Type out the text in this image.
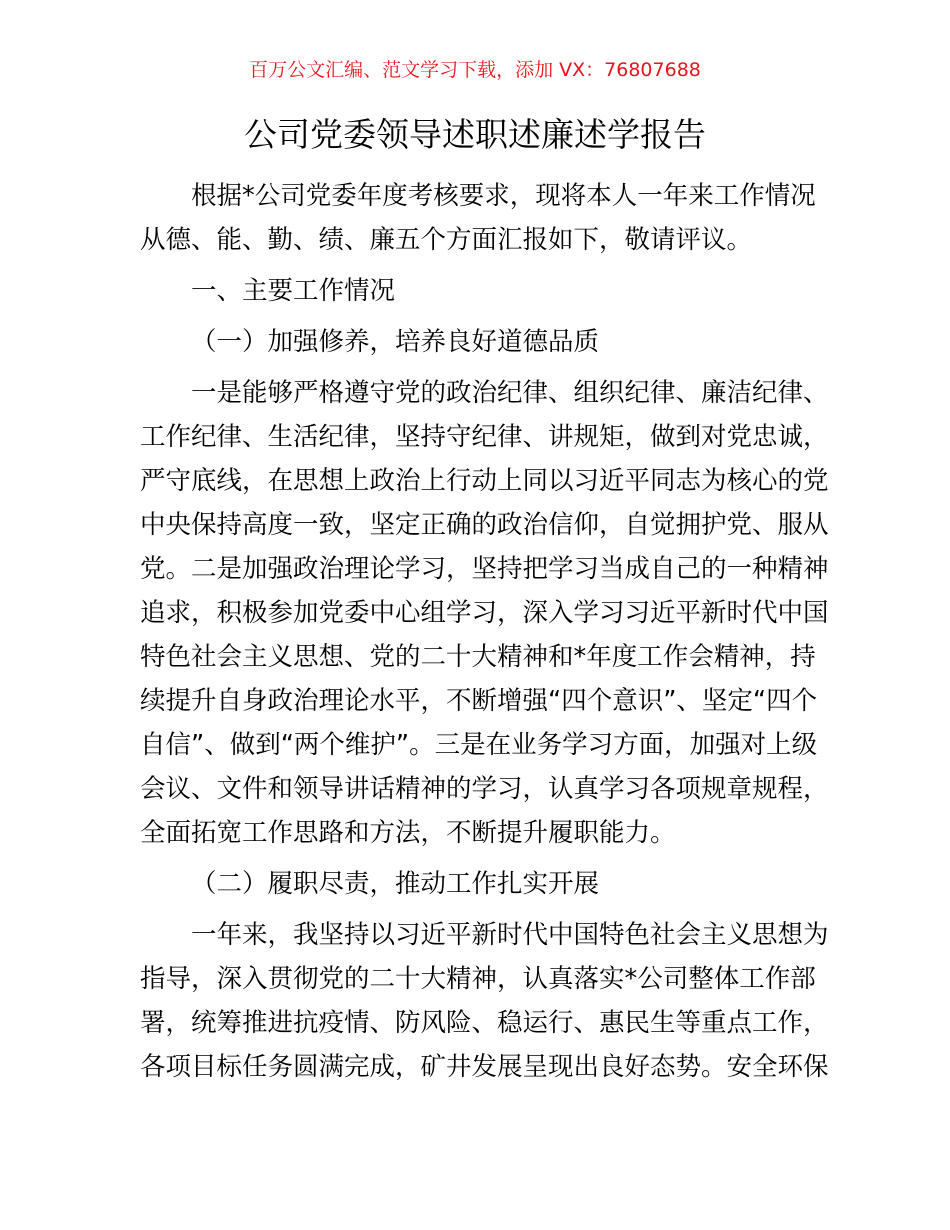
百万公文汇编、范文学习下载，添加 VX：76807688
公司党委领导述职述廉述学报告
根据*公司党委年度考核要求，现将本人一年来工作情况
从德、能、勤、绩、廉五个方面汇报如下，敬请评议。
一、主要工作情况
（一）加强修养，培养良好道德品质
一是能够严格遵守党的政治纪律、组织纪律、廉洁纪律、
工作纪律、生活纪律，坚持守纪律、讲规矩，做到对党忠诚，
严守底线，在思想上政治上行动上同以习近平同志为核心的党
中央保持高度一致，坚定正确的政治信仰，自觉拥护党、服从
党。二是加强政治理论学习，坚持把学习当成自己的一种精神
追求，积极参加党委中心组学习，深入学习习近平新时代中国
特色社会主义思想、党的二十大精神和*年度工作会精神，持
续提升自身政治理论水平，不断增强“四个意识”、坚定“四个
自信”、做到“两个维护”。三是在业务学习方面，加强对上级
会议、文件和领导讲话精神的学习，认真学习各项规章规程，
全面拓宽工作思路和方法，不断提升履职能力。
（二）履职尽责，推动工作扎实开展
一年来，我坚持以习近平新时代中国特色社会主义思想为
指导，深入贯彻党的二十大精神，认真落实*公司整体工作部
署，统筹推进抗疫情、防风险、稳运行、惠民生等重点工作，
各项目标任务圆满完成，矿井发展呈现出良好态势。安全环保
